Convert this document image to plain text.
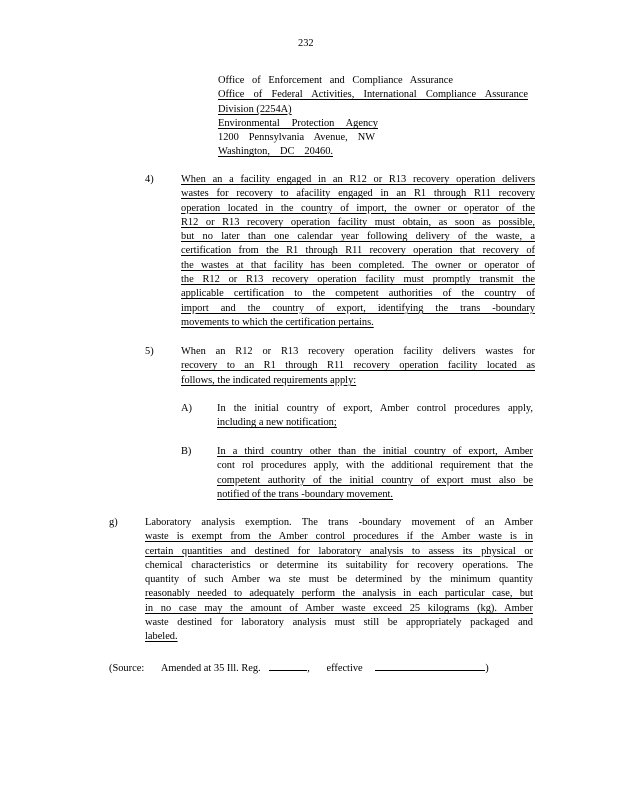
232
Office of Enforcement and Compliance Assurance
Office of Federal Activities, International Compliance Assurance
Division (2254A)
Environmental Protection Agency
1200 Pennsylvania Avenue, NW
Washington, DC 20460.
4)	When an a facility engaged in an R12 or R13 recovery operation delivers
wastes for recovery to afacility engaged in an R1 through R11 recovery
operation located in the country of import, the owner or operator of the
R12 or R13 recovery operation facility must obtain, as soon as possible,
but no later than one calendar year following delivery of the waste, a
certification from the R1 through R11 recovery operation that recovery of
the wastes at that facility has been completed. The owner or operator of
the R12 or R13 recovery operation facility must promptly transmit the
applicable certification to the competent authorities of the country of
import and the country of export, identifying the trans -boundary
movements to which the certification pertains.
5)	When an R12 or R13 recovery operation facility delivers wastes for
recovery to an R1 through R11 recovery operation facility located as
follows, the indicated requirements apply:
A) In the initial country of export, Amber control procedures apply,
including a new notification;
B) In a third country other than the initial country of export, Amber
cont rol procedures apply, with the additional requirement that the
competent authority of the initial country of export must also be
notified of the trans -boundary movement.
g)	Laboratory analysis exemption. The trans -boundary movement of an Amber
waste is exempt from the Amber control procedures if the Amber waste is in
certain quantities and destined for laboratory analysis to assess its physical or
chemical characteristics or determine its suitability for recovery operations. The
quantity of such Amber wa ste must be determined by the minimum quantity
reasonably needed to adequately perform the analysis in each particular case, but
in no case may the amount of Amber waste exceed 25 kilograms (kg). Amber
waste destined for laboratory analysis must still be appropriately packaged and
labeled.
(Source: Amended at 35 Ill. Reg.	, effective	)
